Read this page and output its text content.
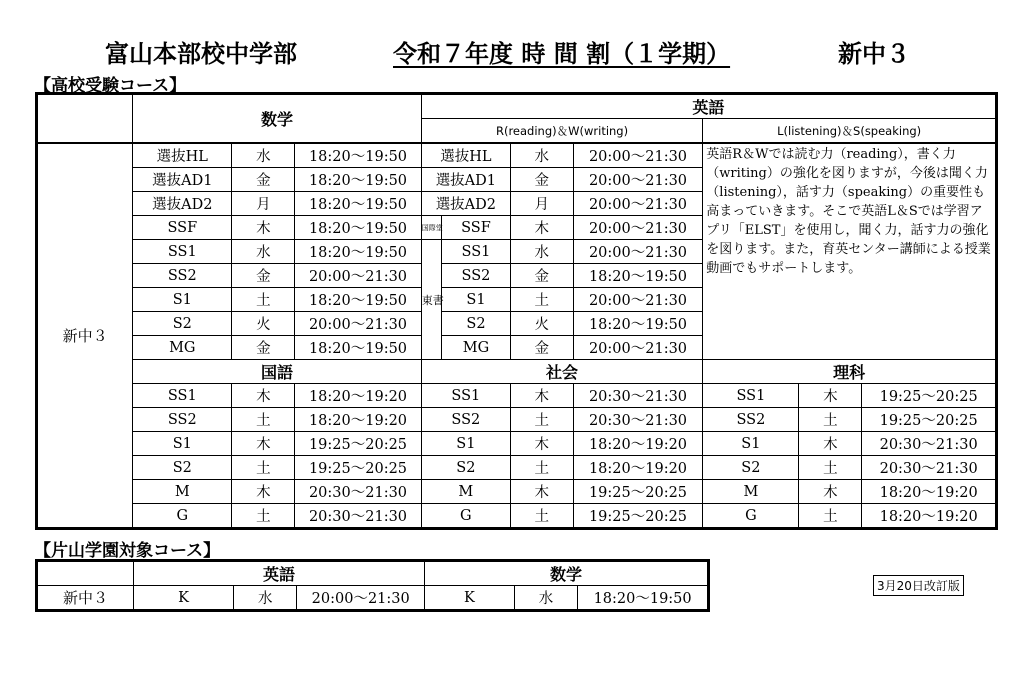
富山本部校中学部	令和７年度 時 間 割（１学期）	新中３
【高校受験コース】
	数学			英語						
				R(reading)＆W(writing)				L(listening)＆S(speaking)		
新中３	選抜HL	水	18:20〜19:50	選抜HL		水	20:00〜21:30	英語R＆Wでは読む力（reading），書く力（writing）の強化を図りますが，今後は聞く力（listening），話す力（speaking）の重要性も高まっていきます。そこで英語L＆Sでは学習アプリ「ELST」を使用し，聞く力，話す力の強化を図ります。また，育英センター講師による授業動画でもサポートします。		
	選抜AD1	金	18:20〜19:50	選抜AD1		金	20:00〜21:30			
	選抜AD2	月	18:20〜19:50	選抜AD2		月	20:00〜21:30			
	SSF	木	18:20〜19:50	国際堂	SSF	木	20:00〜21:30			
	SS1	水	18:20〜19:50	東書	SS1	水	20:00〜21:30			
	SS2	金	20:00〜21:30		SS2	金	18:20〜19:50			
	S1	土	18:20〜19:50		S1	土	20:00〜21:30			
	S2	火	20:00〜21:30		S2	火	18:20〜19:50			
	MG	金	18:20〜19:50		MG	金	20:00〜21:30			
	国語			社会				理科		
	SS1	木	18:20〜19:20	SS1		木	20:30〜21:30	SS1	木	19:25〜20:25
	SS2	土	18:20〜19:20	SS2		土	20:30〜21:30	SS2	土	19:25〜20:25
	S1	木	19:25〜20:25	S1		木	18:20〜19:20	S1	木	20:30〜21:30
	S2	土	19:25〜20:25	S2		土	18:20〜19:20	S2	土	20:30〜21:30
	M	木	20:30〜21:30	M		木	19:25〜20:25	M	木	18:20〜19:20
	G	土	20:30〜21:30	G		土	19:25〜20:25	G	土	18:20〜19:20
【片山学園対象コース】
	英語			数学		
新中３	K	水	20:00〜21:30	K	水	18:20〜19:50
3月20日改訂版
